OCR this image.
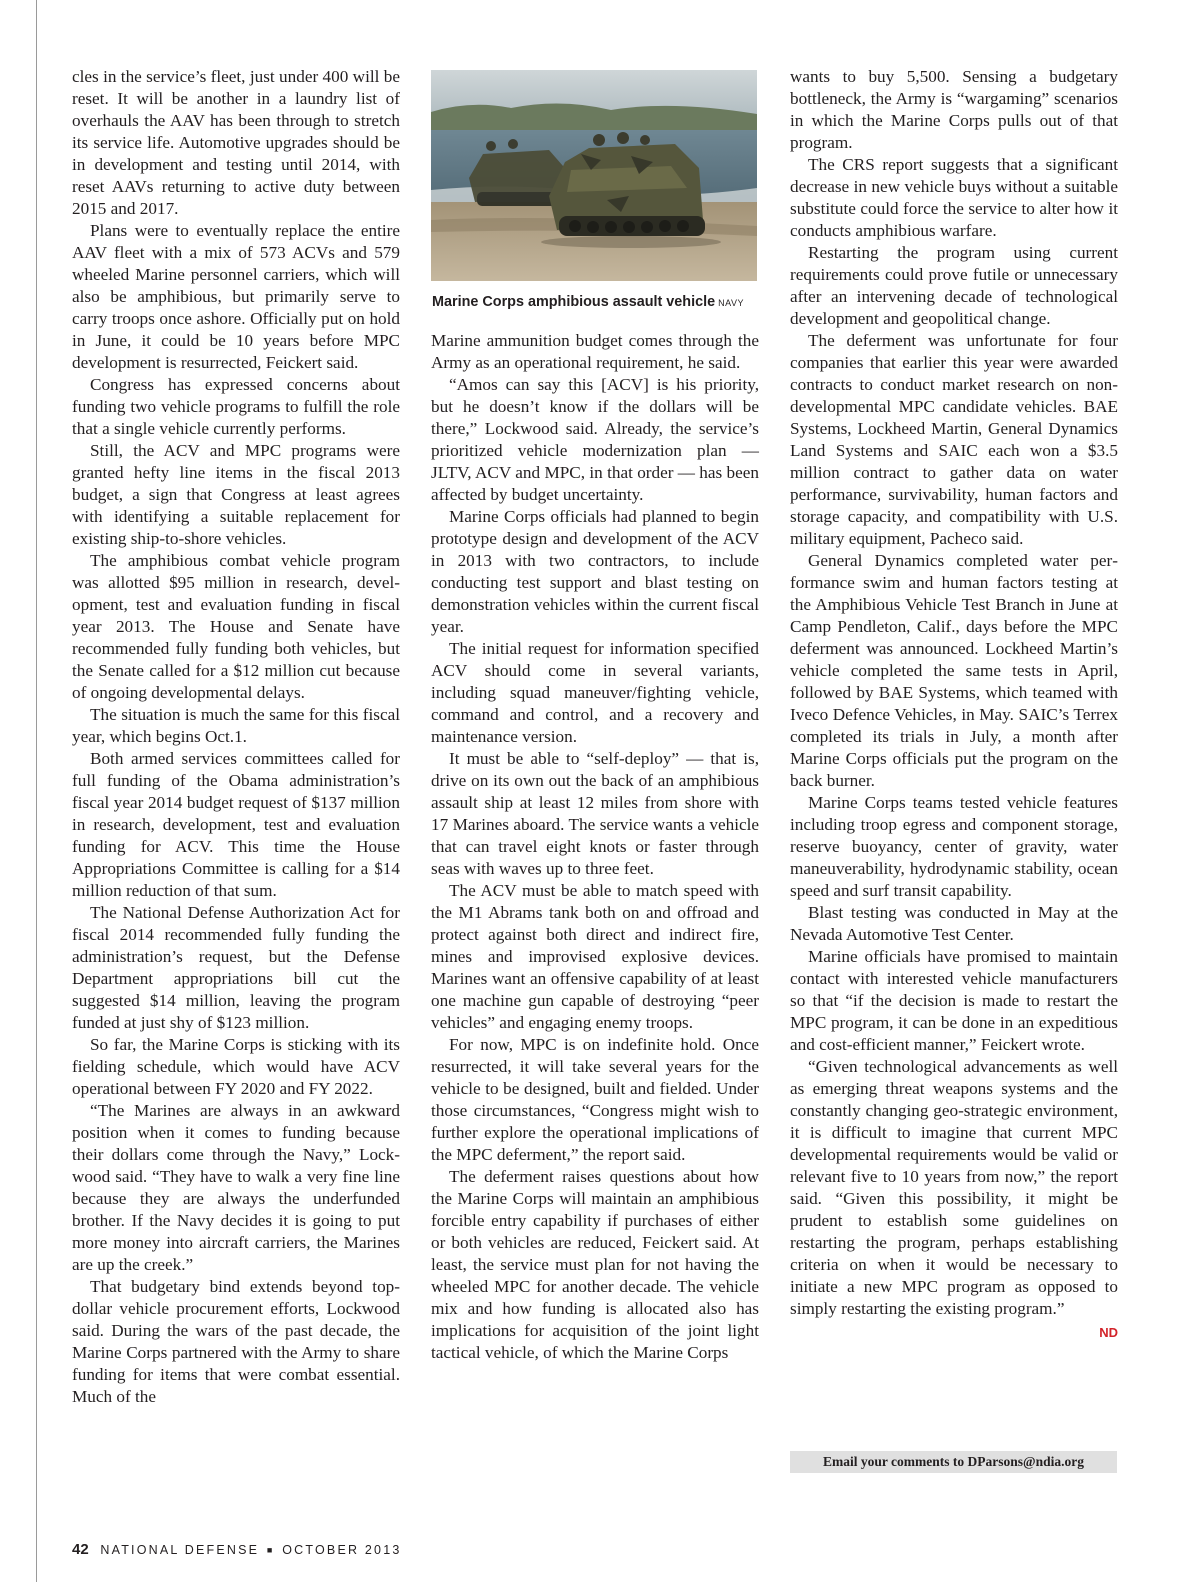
cles in the service’s fleet, just under 400 will be reset. It will be another in a laundry list of overhauls the AAV has been through to stretch its service life. Automotive upgrades should be in development and testing until 2014, with reset AAVs returning to active duty between 2015 and 2017.

Plans were to eventually replace the entire AAV fleet with a mix of 573 ACVs and 579 wheeled Marine personnel carriers, which will also be amphibious, but primarily serve to carry troops once ashore. Officially put on hold in June, it could be 10 years before MPC development is resurrected, Feickert said.

Congress has expressed concerns about funding two vehicle programs to fulfill the role that a single vehicle currently performs.

Still, the ACV and MPC programs were granted hefty line items in the fiscal 2013 budget, a sign that Congress at least agrees with identifying a suitable replacement for existing ship-to-shore vehicles.

The amphibious combat vehicle program was allotted $95 million in research, development, test and evaluation funding in fiscal year 2013. The House and Senate have recommended fully funding both vehicles, but the Senate called for a $12 million cut because of ongoing developmental delays.

The situation is much the same for this fiscal year, which begins Oct.1.

Both armed services committees called for full funding of the Obama administration’s fiscal year 2014 budget request of $137 million in research, development, test and evaluation funding for ACV. This time the House Appropriations Committee is calling for a $14 million reduction of that sum.

The National Defense Authorization Act for fiscal 2014 recommended fully funding the administration’s request, but the Defense Department appropriations bill cut the suggested $14 million, leaving the program funded at just shy of $123 million.

So far, the Marine Corps is sticking with its fielding schedule, which would have ACV operational between FY 2020 and FY 2022.

“The Marines are always in an awkward position when it comes to funding because their dollars come through the Navy,” Lockwood said. “They have to walk a very fine line because they are always the underfunded brother. If the Navy decides it is going to put more money into aircraft carriers, the Marines are up the creek.”

That budgetary bind extends beyond top-dollar vehicle procurement efforts, Lockwood said. During the wars of the past decade, the Marine Corps partnered with the Army to share funding for items that were combat essential. Much of the

Marine Corps amphibious assault vehicle NAVY

Marine ammunition budget comes through the Army as an operational requirement, he said.

“Amos can say this [ACV] is his priority, but he doesn’t know if the dollars will be there,” Lockwood said. Already, the service’s prioritized vehicle modernization plan — JLTV, ACV and MPC, in that order — has been affected by budget uncertainty.

Marine Corps officials had planned to begin prototype design and development of the ACV in 2013 with two contractors, to include conducting test support and blast testing on demonstration vehicles within the current fiscal year.

The initial request for information specified ACV should come in several variants, including squad maneuver/fighting vehicle, command and control, and a recovery and maintenance version.

It must be able to “self-deploy” — that is, drive on its own out the back of an amphibious assault ship at least 12 miles from shore with 17 Marines aboard. The service wants a vehicle that can travel eight knots or faster through seas with waves up to three feet.

The ACV must be able to match speed with the M1 Abrams tank both on and offroad and protect against both direct and indirect fire, mines and improvised explosive devices. Marines want an offensive capability of at least one machine gun capable of destroying “peer vehicles” and engaging enemy troops.

For now, MPC is on indefinite hold. Once resurrected, it will take several years for the vehicle to be designed, built and fielded. Under those circumstances, “Congress might wish to further explore the operational implications of the MPC deferment,” the report said.

The deferment raises questions about how the Marine Corps will maintain an amphibious forcible entry capability if purchases of either or both vehicles are reduced, Feickert said. At least, the service must plan for not having the wheeled MPC for another decade. The vehicle mix and how funding is allocated also has implications for acquisition of the joint light tactical vehicle, of which the Marine Corps

wants to buy 5,500. Sensing a budgetary bottleneck, the Army is “wargaming” scenarios in which the Marine Corps pulls out of that program.

The CRS report suggests that a significant decrease in new vehicle buys without a suitable substitute could force the service to alter how it conducts amphibious warfare.

Restarting the program using current requirements could prove futile or unnecessary after an intervening decade of technological development and geopolitical change.

The deferment was unfortunate for four companies that earlier this year were awarded contracts to conduct market research on non-developmental MPC candidate vehicles. BAE Systems, Lockheed Martin, General Dynamics Land Systems and SAIC each won a $3.5 million contract to gather data on water performance, survivability, human factors and storage capacity, and compatibility with U.S. military equipment, Pacheco said.

General Dynamics completed water performance swim and human factors testing at the Amphibious Vehicle Test Branch in June at Camp Pendleton, Calif., days before the MPC deferment was announced. Lockheed Martin’s vehicle completed the same tests in April, followed by BAE Systems, which teamed with Iveco Defence Vehicles, in May. SAIC’s Terrex completed its trials in July, a month after Marine Corps officials put the program on the back burner.

Marine Corps teams tested vehicle features including troop egress and component storage, reserve buoyancy, center of gravity, water maneuverability, hydrodynamic stability, ocean speed and surf transit capability.

Blast testing was conducted in May at the Nevada Automotive Test Center.

Marine officials have promised to maintain contact with interested vehicle manufacturers so that “if the decision is made to restart the MPC program, it can be done in an expeditious and cost-efficient manner,” Feickert wrote.

“Given technological advancements as well as emerging threat weapons systems and the constantly changing geo-strategic environment, it is difficult to imagine that current MPC developmental requirements would be valid or relevant five to 10 years from now,” the report said. “Given this possibility, it might be prudent to establish some guidelines on restarting the program, perhaps establishing criteria on when it would be necessary to initiate a new MPC program as opposed to simply restarting the existing program.”

ND
Email your comments to DParsons@ndia.org
42 NATIONAL DEFENSE ■ OCTOBER 2013
